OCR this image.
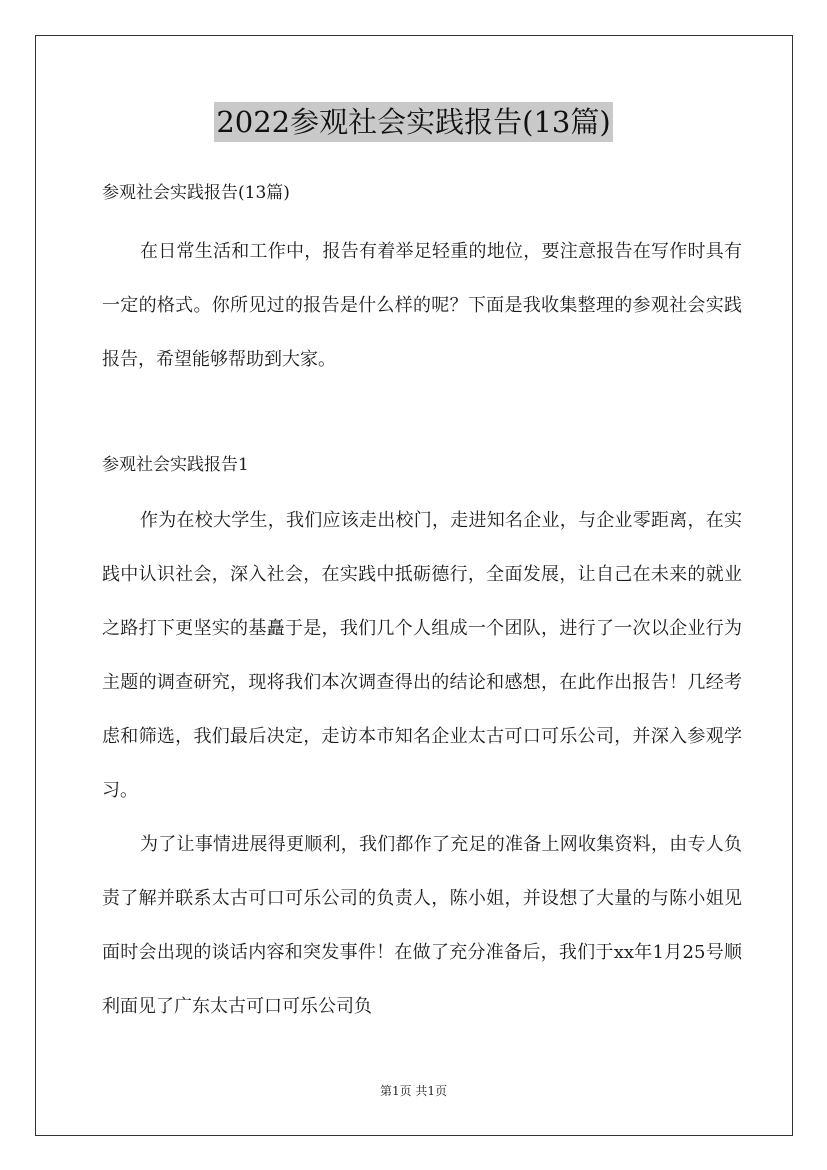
2022参观社会实践报告(13篇)
参观社会实践报告(13篇)

在日常生活和工作中，报告有着举足轻重的地位，要注意报告在写作时具有一定的格式。你所见过的报告是什么样的呢？下面是我收集整理的参观社会实践报告，希望能够帮助到大家。

参观社会实践报告1

作为在校大学生，我们应该走出校门，走进知名企业，与企业零距离，在实践中认识社会，深入社会，在实践中抵砺德行，全面发展，让自己在未来的就业之路打下更坚实的基矗于是，我们几个人组成一个团队，进行了一次以企业行为主题的调查研究，现将我们本次调查得出的结论和感想，在此作出报告！几经考虑和筛选，我们最后决定，走访本市知名企业太古可口可乐公司，并深入参观学习。

为了让事情进展得更顺利，我们都作了充足的准备上网收集资料，由专人负责了解并联系太古可口可乐公司的负责人，陈小姐，并设想了大量的与陈小姐见面时会出现的谈话内容和突发事件！在做了充分准备后，我们于xx年1月25号顺利面见了广东太古可口可乐公司负

第1页 共1页
